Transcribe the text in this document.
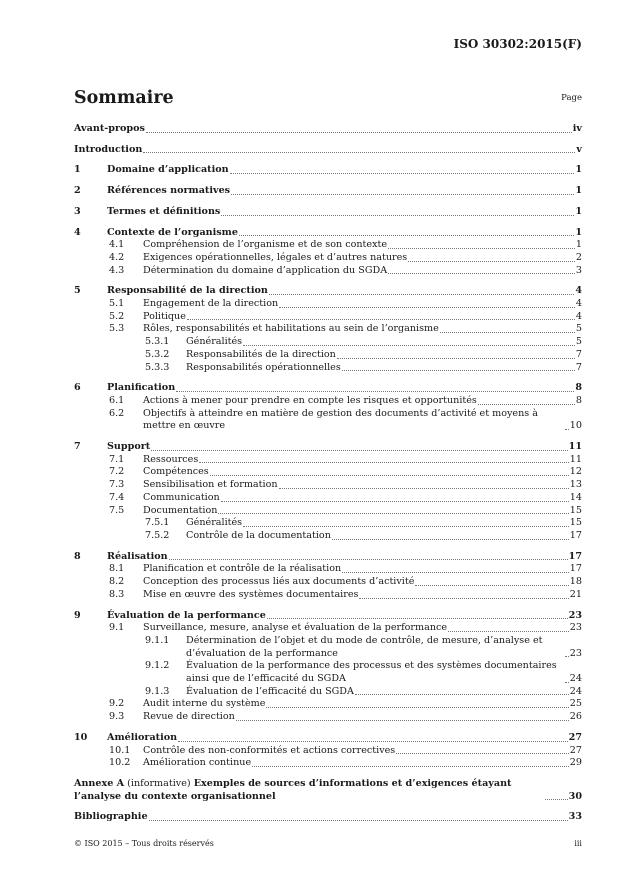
ISO 30302:2015(F)
Sommaire	Page
Avant-propos	iv
Introduction	v
1	Domaine d’application	1
2	Références normatives	1
3	Termes et définitions	1
4	Contexte de l’organisme	1
4.1	Compréhension de l’organisme et de son contexte	1
4.2	Exigences opérationnelles, légales et d’autres natures	2
4.3	Détermination du domaine d’application du SGDA	3
5	Responsabilité de la direction	4
5.1	Engagement de la direction	4
5.2	Politique	4
5.3	Rôles, responsabilités et habilitations au sein de l’organisme	5
5.3.1	Généralités	5
5.3.2	Responsabilités de la direction	7
5.3.3	Responsabilités opérationnelles	7
6	Planification	8
6.1	Actions à mener pour prendre en compte les risques et opportunités	8
6.2	Objectifs à atteindre en matière de gestion des documents d’activité et moyens à mettre en œuvre	10
7	Support	11
7.1	Ressources	11
7.2	Compétences	12
7.3	Sensibilisation et formation	13
7.4	Communication	14
7.5	Documentation	15
7.5.1	Généralités	15
7.5.2	Contrôle de la documentation	17
8	Réalisation	17
8.1	Planification et contrôle de la réalisation	17
8.2	Conception des processus liés aux documents d’activité	18
8.3	Mise en œuvre des systèmes documentaires	21
9	Évaluation de la performance	23
9.1	Surveillance, mesure, analyse et évaluation de la performance	23
9.1.1	Détermination de l’objet et du mode de contrôle, de mesure, d’analyse et d’évaluation de la performance	23
9.1.2	Évaluation de la performance des processus et des systèmes documentaires ainsi que de l’efficacité du SGDA	24
9.1.3	Évaluation de l’efficacité du SGDA	24
9.2	Audit interne du système	25
9.3	Revue de direction	26
10	Amélioration	27
10.1	Contrôle des non-conformités et actions correctives	27
10.2	Amélioration continue	29
Annexe A (informative) Exemples de sources d’informations et d’exigences étayant l’analyse du contexte organisationnel	30
Bibliographie	33
© ISO 2015 – Tous droits réservés	iii
